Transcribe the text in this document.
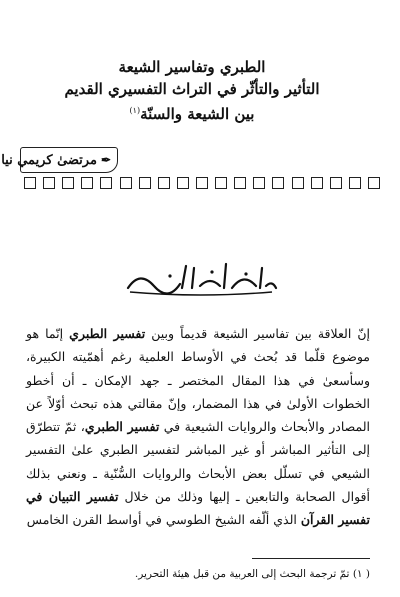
الطبري وتفاسير الشيعة
التأثير والتأثّر في التراث التفسيري القديم
بين الشيعة والسنّة$^{(١)}$
✒
مرتضیٰ كريمي نيا

إنّ العلاقة بين تفاسير الشيعة قديماً وبين تفسير الطبري إنّما هو موضوع قلّما قد بُحث في الأوساط العلمية رغم أهمّيته الكبيرة، وسأسعىٰ في هذا المقال المختصر ـ جهد الإمكان ـ أن أخطو الخطوات الأولىٰ في هذا المضمار، وإنّ مقالتي هذه تبحث أوّلاً عن المصادر والأبحاث والروايات الشيعية في تفسير الطبري، ثمّ تتطرّق إلى التأثير المباشر أو غير المباشر لتفسير الطبري علىٰ التفسير الشيعي في تسلّل بعض الأبحاث والروايات السُّنّية ـ ونعني بذلك أقوال الصحابة والتابعين ـ إليها وذلك من خلال تفسير التبيان في تفسير القرآن الذي ألّفه الشيخ الطوسي في أواسط القرن الخامس

( ١) تمّ ترجمة البحث إلى العربية من قبل هيئة التحرير.
